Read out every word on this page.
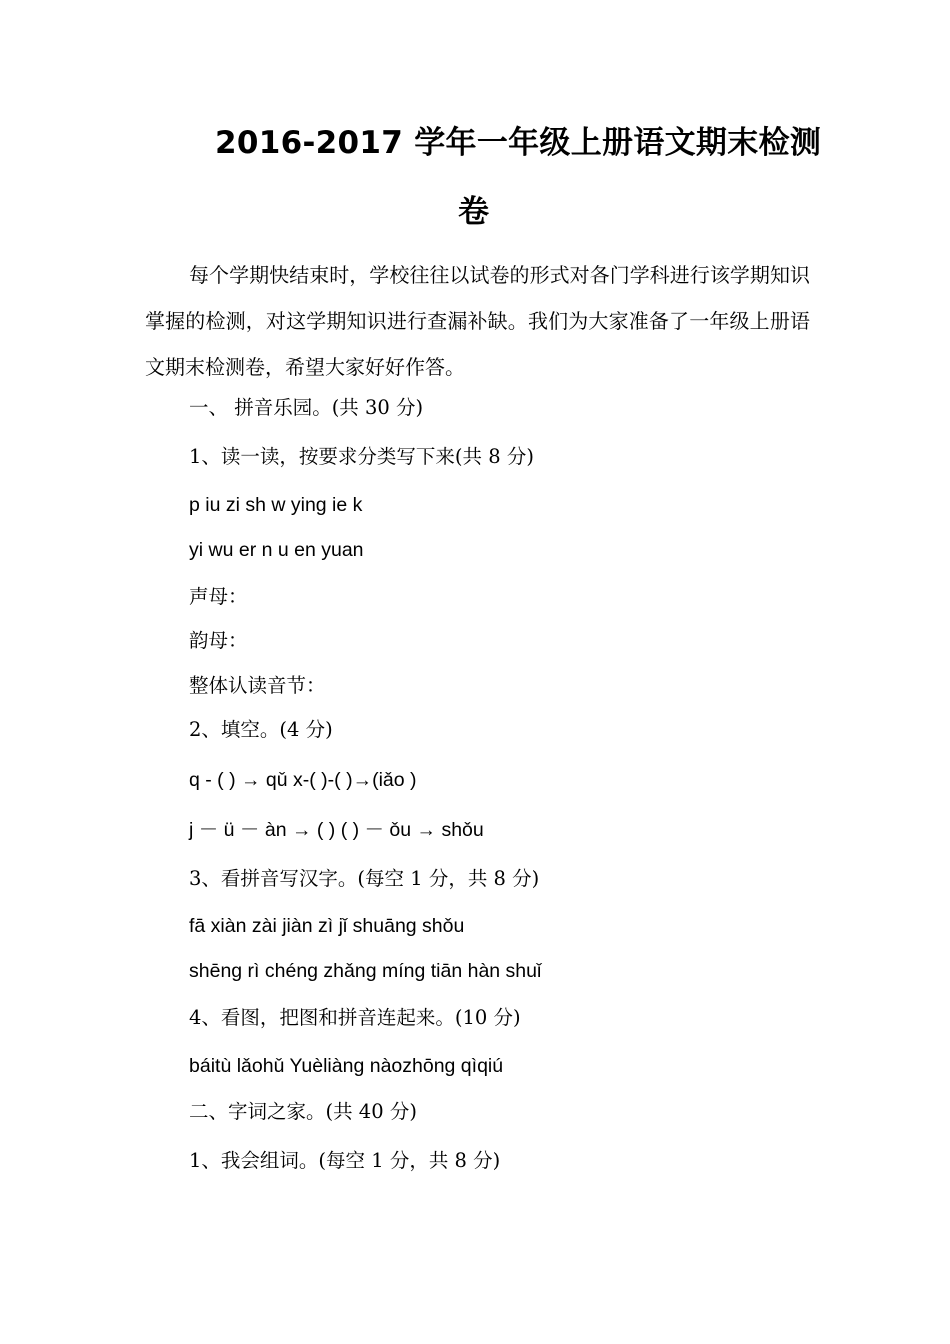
2016-2017 学年一年级上册语文期末检测
卷

每个学期快结束时，学校往往以试卷的形式对各门学科进行该学期知识掌握的检测，对这学期知识进行查漏补缺。我们为大家准备了一年级上册语文期末检测卷，希望大家好好作答。

一、 拼音乐园。(共 30 分)
1、读一读，按要求分类写下来(共 8 分)
p iu zi sh w ying ie k
yi wu er n u en yuan
声母：
韵母：
整体认读音节：
2、填空。(4 分)
q - ( ) → qǔ x-( )-( )→(iǎo )
j － ü － àn → ( ) ( ) － ǒu → shǒu
3、看拼音写汉字。(每空 1 分，共 8 分)
fā xiàn zài jiàn zì jǐ shuāng shǒu
shēng rì chéng zhǎng míng tiān hàn shuǐ
4、看图，把图和拼音连起来。(10 分)
báitù lǎohǔ Yuèliàng nàozhōng qìqiú
二、字词之家。(共 40 分)
1、我会组词。(每空 1 分，共 8 分)
